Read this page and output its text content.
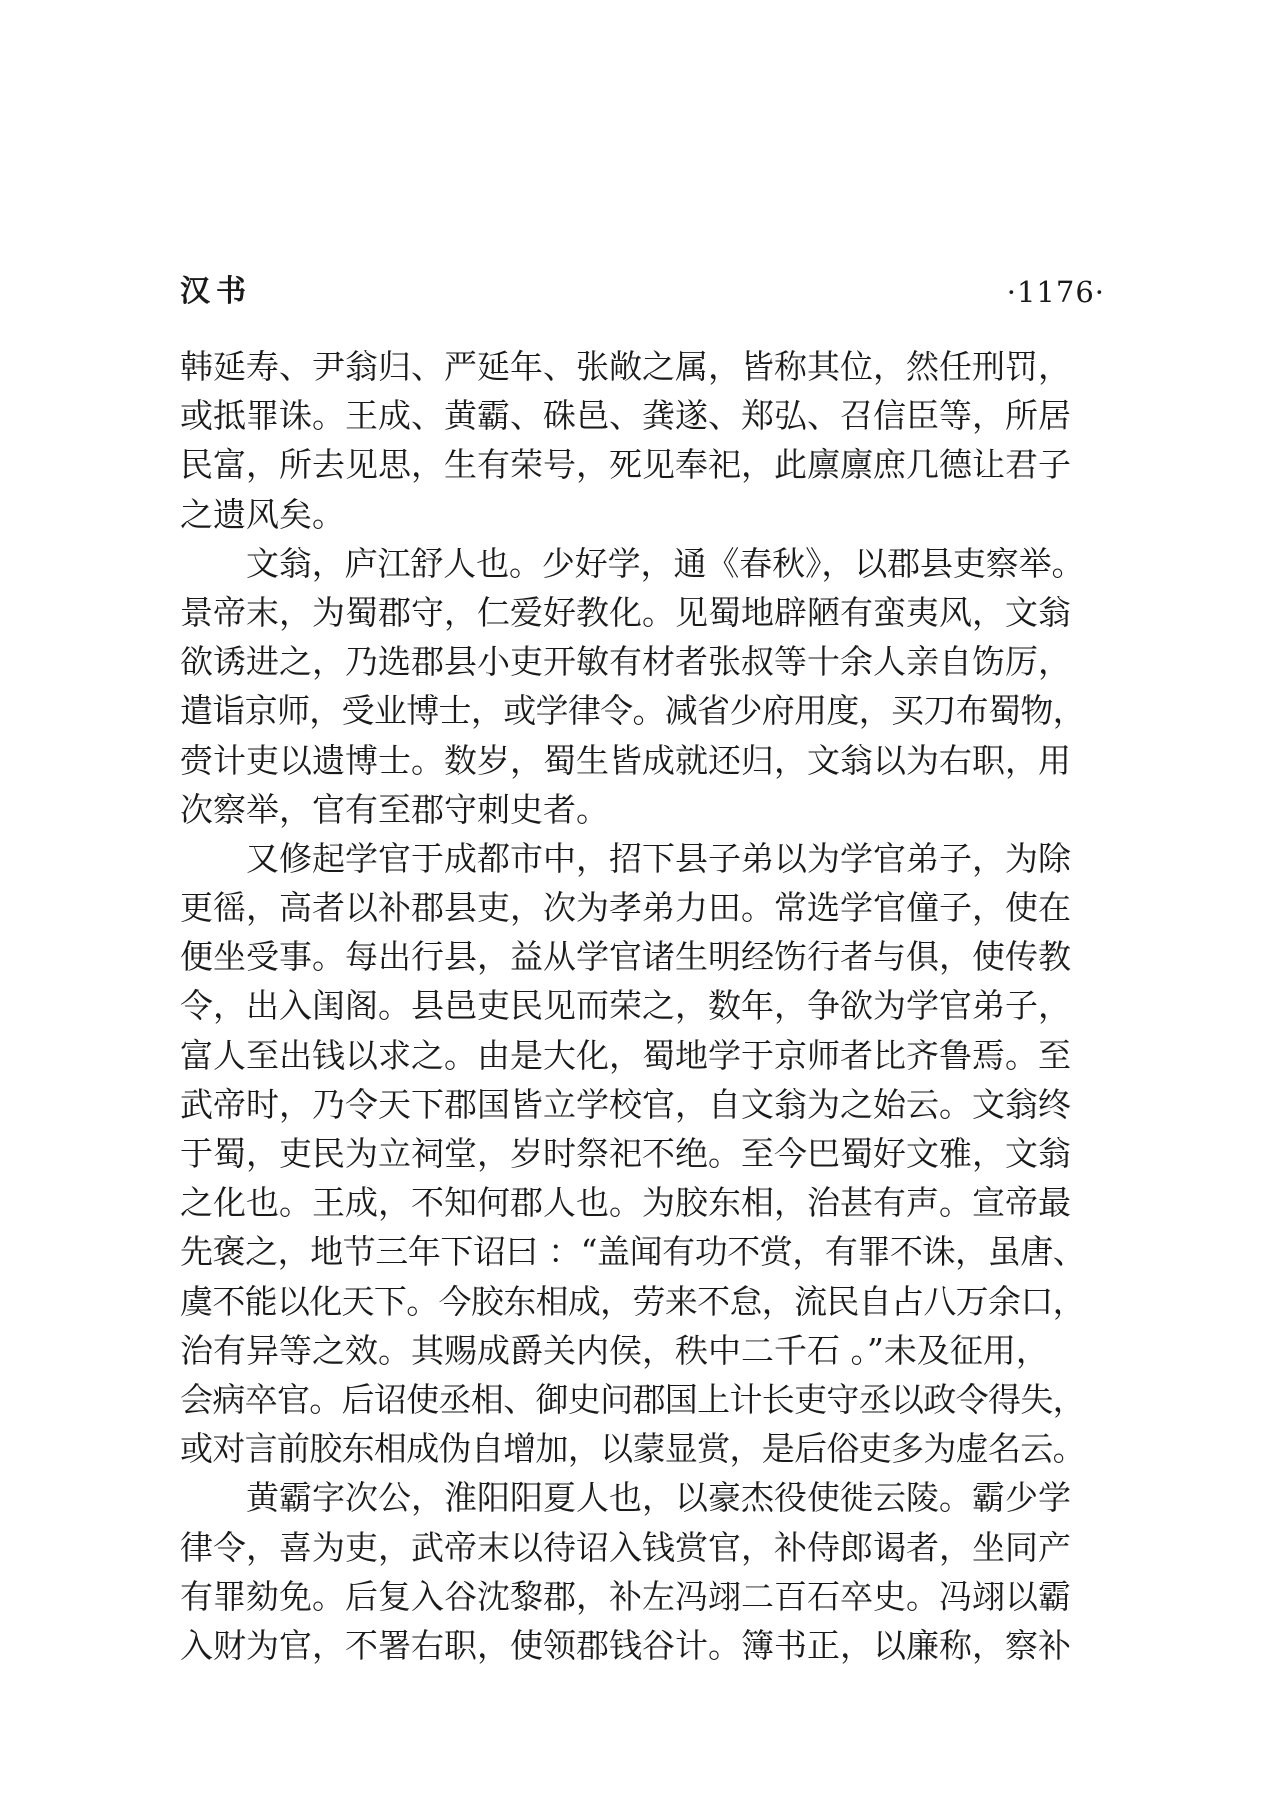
汉书	·1176·
韩延寿、尹翁归、严延年、张敞之属，皆称其位，然任刑罚，
或抵罪诛。王成、黄霸、硃邑、龚遂、郑弘、召信臣等，所居
民富，所去见思，生有荣号，死见奉祀，此廪廪庶几德让君子
之遗风矣。
文翁，庐江舒人也。少好学，通《春秋》，以郡县吏察举。
景帝末，为蜀郡守，仁爱好教化。见蜀地辟陋有蛮夷风，文翁
欲诱进之，乃选郡县小吏开敏有材者张叔等十余人亲自饬厉，
遣诣京师，受业博士，或学律令。减省少府用度，买刀布蜀物，
赍计吏以遗博士。数岁，蜀生皆成就还归，文翁以为右职，用
次察举，官有至郡守刺史者。
又修起学官于成都市中，招下县子弟以为学官弟子，为除
更徭，高者以补郡县吏，次为孝弟力田。常选学官僮子，使在
便坐受事。每出行县，益从学官诸生明经饬行者与俱，使传教
令，出入闺阁。县邑吏民见而荣之，数年，争欲为学官弟子，
富人至出钱以求之。由是大化，蜀地学于京师者比齐鲁焉。至
武帝时，乃令天下郡国皆立学校官，自文翁为之始云。文翁终
于蜀，吏民为立祠堂，岁时祭祀不绝。至今巴蜀好文雅，文翁
之化也。王成，不知何郡人也。为胶东相，治甚有声。宣帝最
先褒之，地节三年下诏曰 ：“盖闻有功不赏，有罪不诛，虽唐、
虞不能以化天下。今胶东相成，劳来不怠，流民自占八万余口，
治有异等之效。其赐成爵关内侯，秩中二千石 。”未及征用，
会病卒官。后诏使丞相、御史问郡国上计长吏守丞以政令得失，
或对言前胶东相成伪自增加，以蒙显赏，是后俗吏多为虚名云。
黄霸字次公，淮阳阳夏人也，以豪杰役使徙云陵。霸少学
律令，喜为吏，武帝末以待诏入钱赏官，补侍郎谒者，坐同产
有罪劾免。后复入谷沈黎郡，补左冯翊二百石卒史。冯翊以霸
入财为官，不署右职，使领郡钱谷计。簿书正，以廉称，察补
